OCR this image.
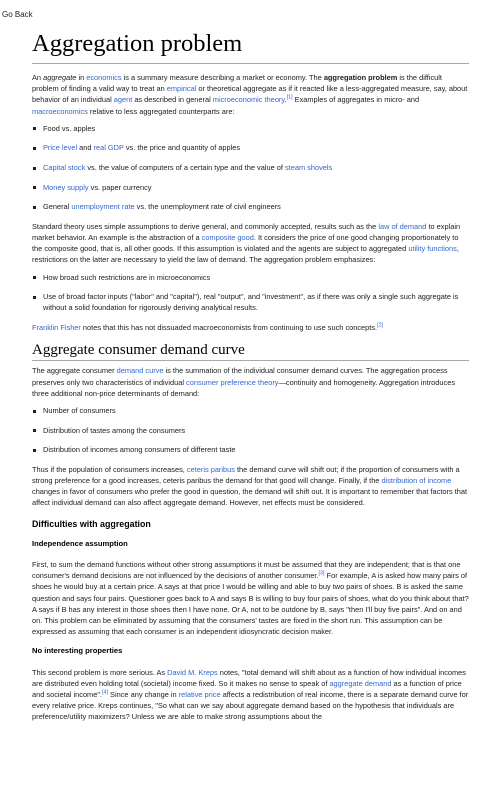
Go Back
Aggregation problem

An aggregate in economics is a summary measure describing a market or economy. The aggregation problem is the difficult problem of finding a valid way to treat an empirical or theoretical aggregate as if it reacted like a less-aggregated measure, say, about behavior of an individual agent as described in general microeconomic theory.[1] Examples of aggregates in micro- and macroeconomics relative to less aggregated counterparts are:

Food vs. apples
Price level and real GDP vs. the price and quantity of apples
Capital stock vs. the value of computers of a certain type and the value of steam shovels
Money supply vs. paper currency
General unemployment rate vs. the unemployment rate of civil engineers

Standard theory uses simple assumptions to derive general, and commonly accepted, results such as the law of demand to explain market behavior. An example is the abstraction of a composite good. It considers the price of one good changing proportionately to the composite good, that is, all other goods. If this assumption is violated and the agents are subject to aggregated utility functions, restrictions on the latter are necessary to yield the law of demand. The aggregation problem emphasizes:

How broad such restrictions are in microeconomics
Use of broad factor inputs ("labor" and "capital"), real "output", and "investment", as if there was only a single such aggregate is without a solid foundation for rigorously deriving analytical results.

Franklin Fisher notes that this has not dissuaded macroeconomists from continuing to use such concepts.[2]

Aggregate consumer demand curve

The aggregate consumer demand curve is the summation of the individual consumer demand curves. The aggregation process preserves only two characteristics of individual consumer preference theory—continuity and homogeneity. Aggregation introduces three additional non-price determinants of demand:

Number of consumers
Distribution of tastes among the consumers
Distribution of incomes among consumers of different taste

Thus if the population of consumers increases, ceteris paribus the demand curve will shift out; if the proportion of consumers with a strong preference for a good increases, ceteris paribus the demand for that good will change. Finally, if the distribution of income changes in favor of consumers who prefer the good in question, the demand will shift out. It is important to remember that factors that affect individual demand can also affect aggregate demand. However, net effects must be considered.

Difficulties with aggregation
Independence assumption

First, to sum the demand functions without other strong assumptions it must be assumed that they are independent; that is that one consumer's demand decisions are not influenced by the decisions of another consumer.[3] For example, A is asked how many pairs of shoes he would buy at a certain price. A says at that price I would be willing and able to buy two pairs of shoes. B is asked the same question and says four pairs. Questioner goes back to A and says B is willing to buy four pairs of shoes, what do you think about that? A says if B has any interest in those shoes then I have none. Or A, not to be outdone by B, says "then I'll buy five pairs". And on and on. This problem can be eliminated by assuming that the consumers' tastes are fixed in the short run. This assumption can be expressed as assuming that each consumer is an independent idiosyncratic decision maker.

No interesting properties

This second problem is more serious. As David M. Kreps notes, "total demand will shift about as a function of how individual incomes are distributed even holding total (societal) income fixed. So it makes no sense to speak of aggregate demand as a function of price and societal income".[4] Since any change in relative price affects a redistribution of real income, there is a separate demand curve for every relative price. Kreps continues, "So what can we say about aggregate demand based on the hypothesis that individuals are preference/utility maximizers? Unless we are able to make strong assumptions about the
